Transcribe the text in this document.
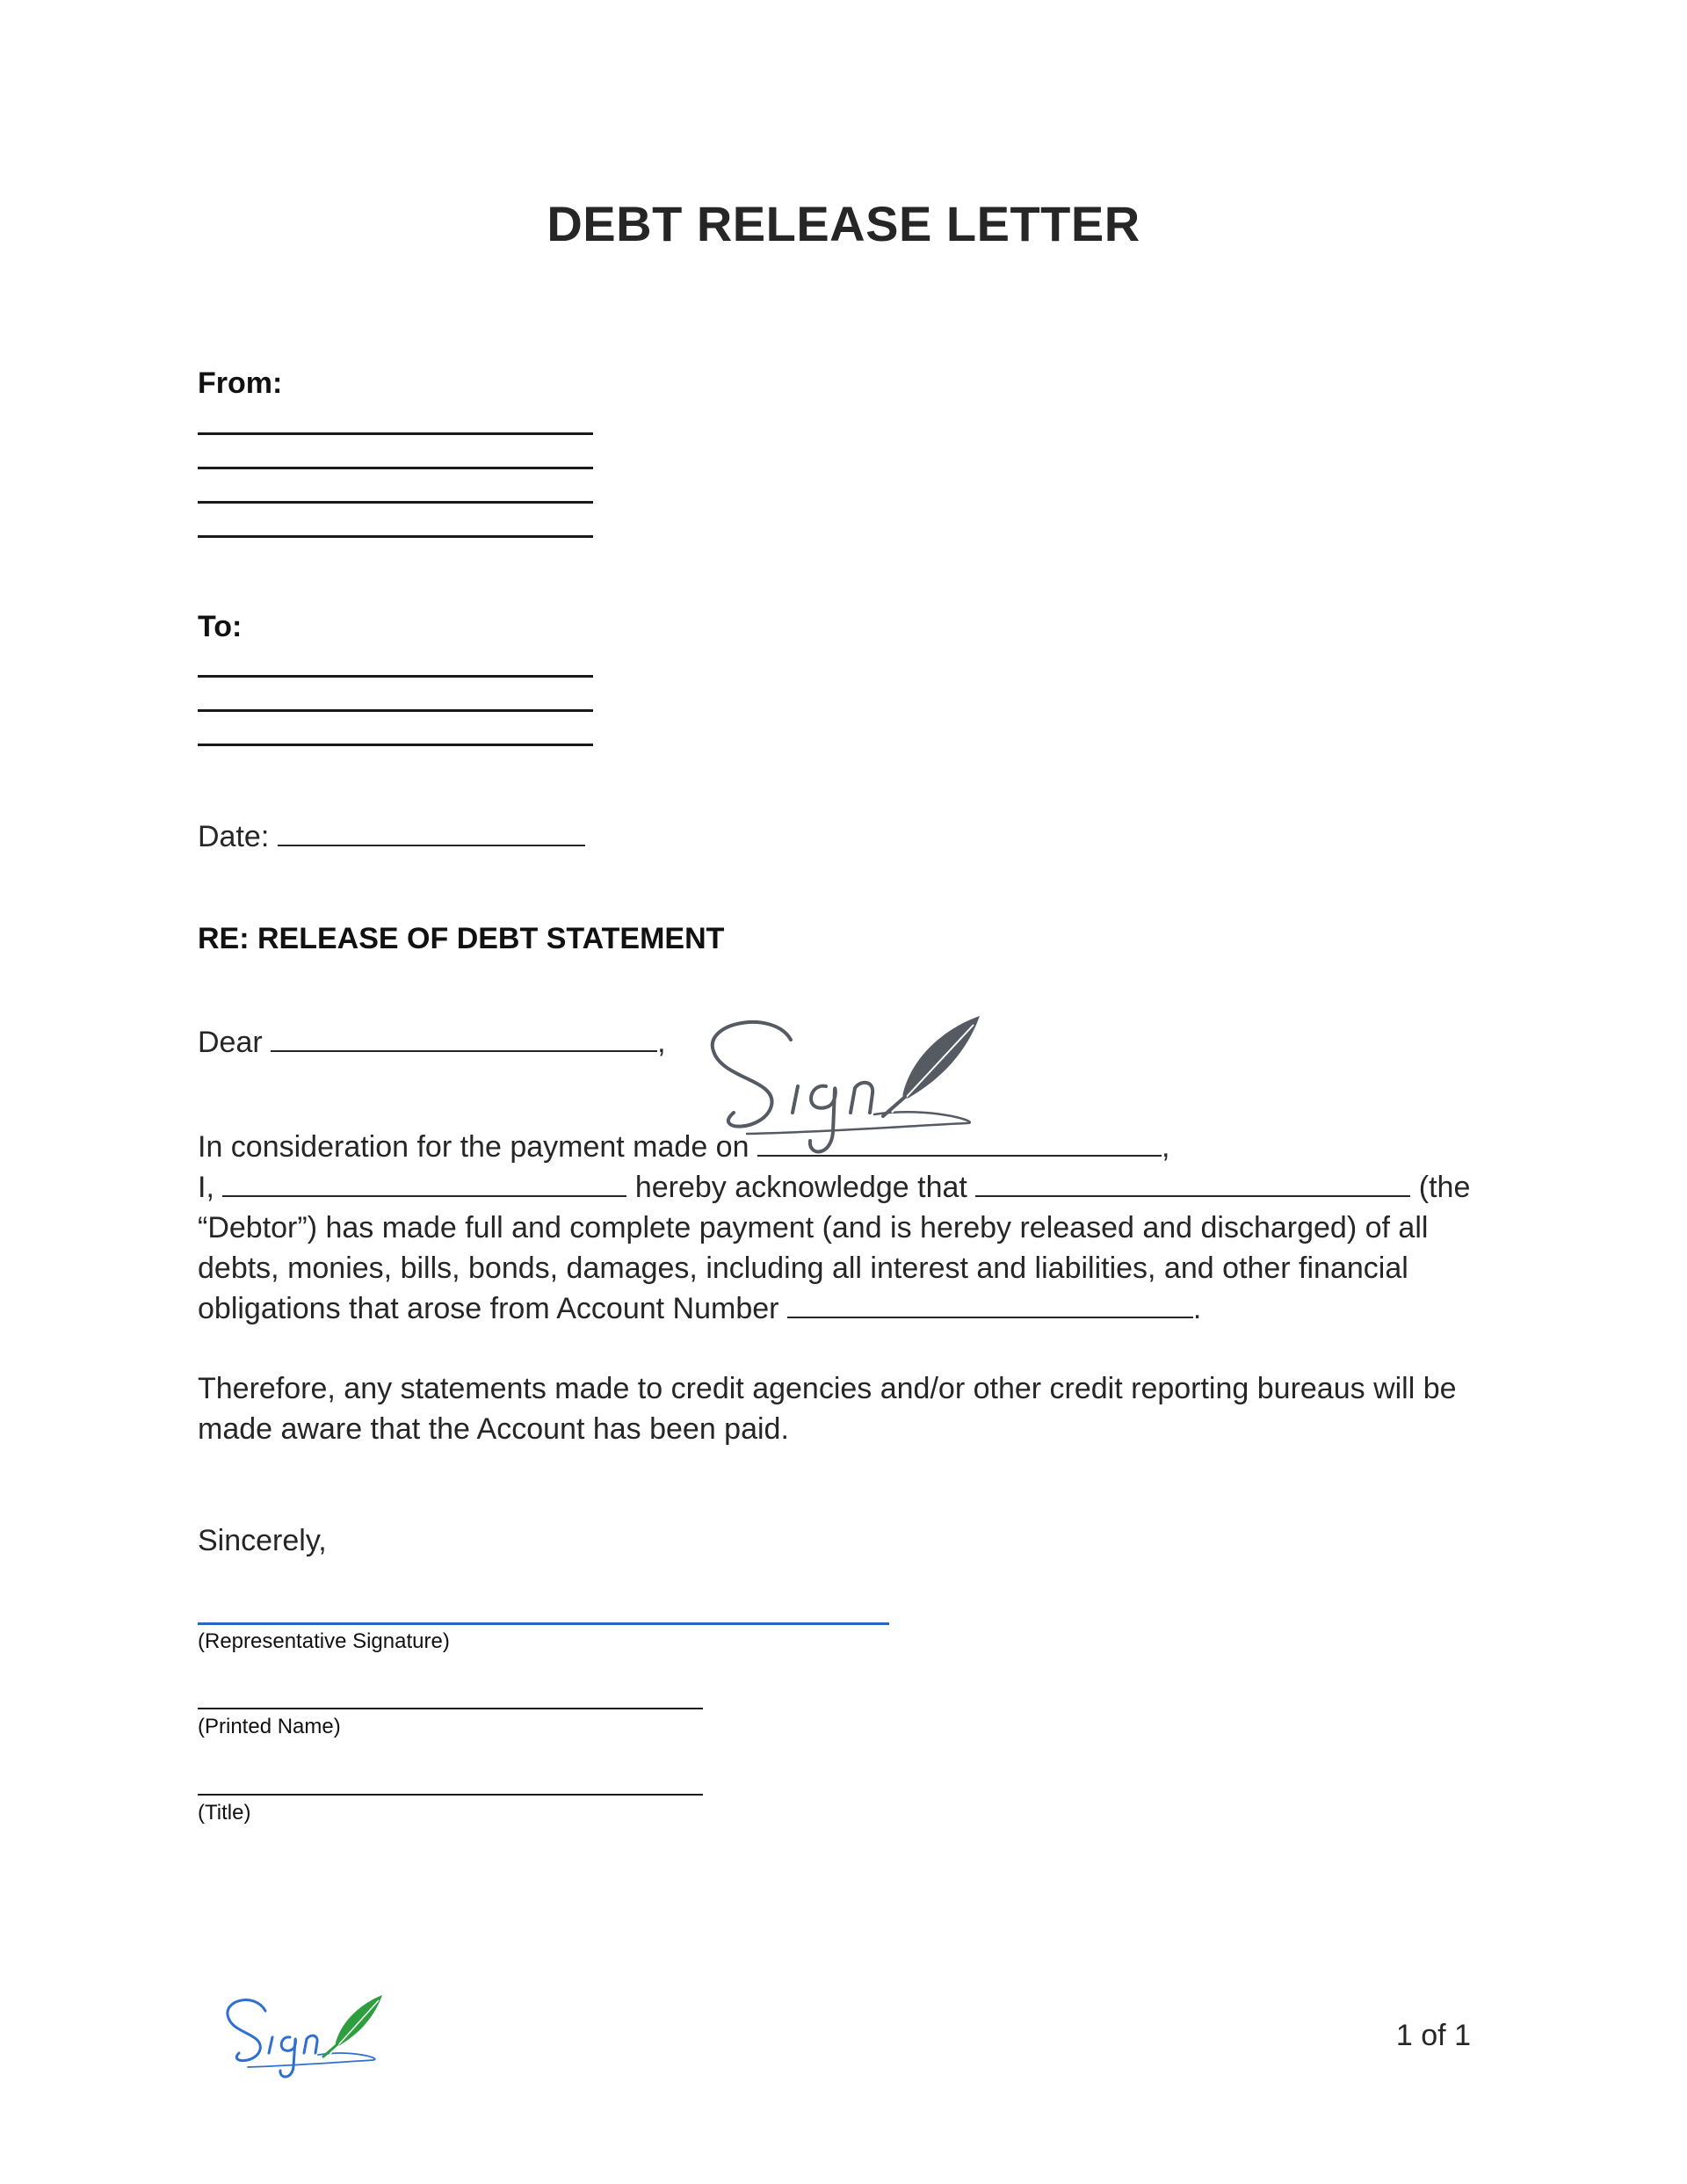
DEBT RELEASE LETTER
From:
To:
Date:
RE: RELEASE OF DEBT STATEMENT
Dear	,
In consideration for the payment made on	,
I,	hereby acknowledge that	(the
“Debtor”) has made full and complete payment (and is hereby released and discharged) of all
debts, monies, bills, bonds, damages, including all interest and liabilities, and other financial
obligations that arose from Account Number	.
Therefore, any statements made to credit agencies and/or other credit reporting bureaus will be
made aware that the Account has been paid.
Sincerely,
(Representative Signature)
(Printed Name)
(Title)
1 of 1
